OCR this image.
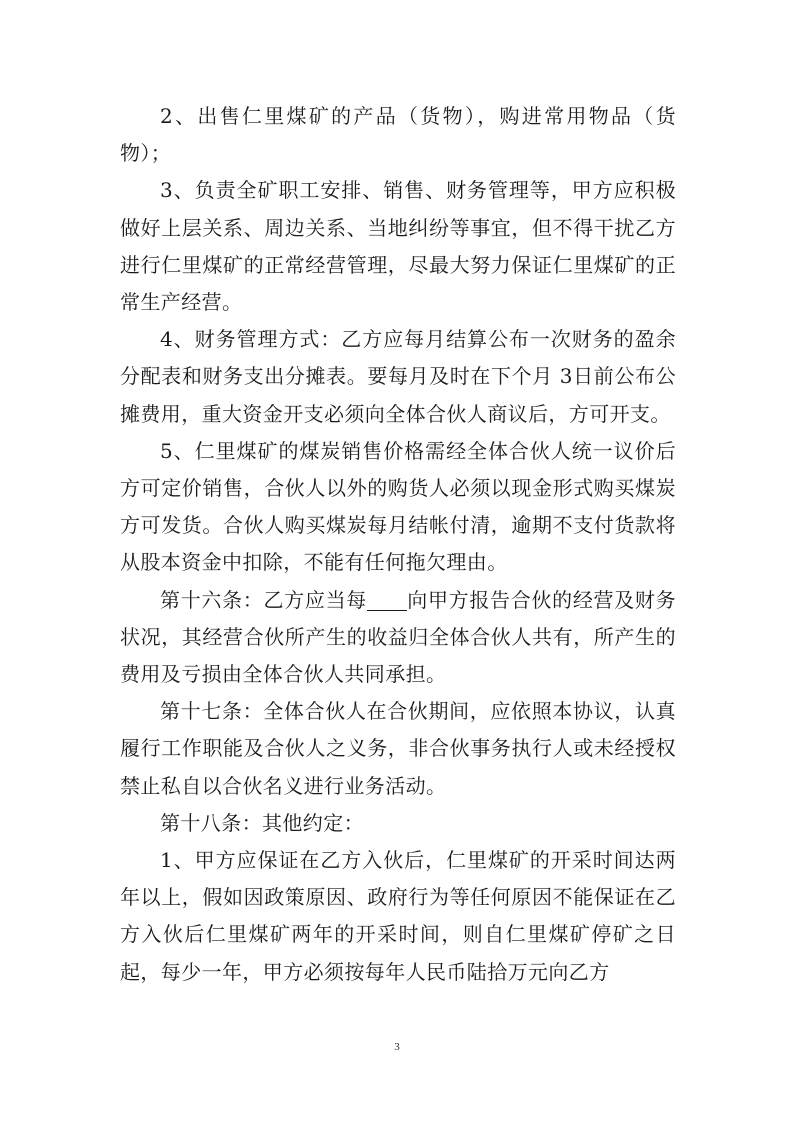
2、出售仁里煤矿的产品（货物），购进常用物品（货物）；

3、负责全矿职工安排、销售、财务管理等，甲方应积极做好上层关系、周边关系、当地纠纷等事宜，但不得干扰乙方进行仁里煤矿的正常经营管理，尽最大努力保证仁里煤矿的正常生产经营。

4、财务管理方式：乙方应每月结算公布一次财务的盈余分配表和财务支出分摊表。要每月及时在下个月 3日前公布公摊费用，重大资金开支必须向全体合伙人商议后，方可开支。

5、仁里煤矿的煤炭销售价格需经全体合伙人统一议价后方可定价销售，合伙人以外的购货人必须以现金形式购买煤炭方可发货。合伙人购买煤炭每月结帐付清，逾期不支付货款将从股本资金中扣除，不能有任何拖欠理由。

第十六条：乙方应当每 向甲方报告合伙的经营及财务状况，其经营合伙所产生的收益归全体合伙人共有，所产生的费用及亏损由全体合伙人共同承担。

第十七条：全体合伙人在合伙期间，应依照本协议，认真履行工作职能及合伙人之义务，非合伙事务执行人或未经授权禁止私自以合伙名义进行业务活动。

第十八条：其他约定：

1、甲方应保证在乙方入伙后，仁里煤矿的开采时间达两年以上，假如因政策原因、政府行为等任何原因不能保证在乙方入伙后仁里煤矿两年的开采时间，则自仁里煤矿停矿之日起，每少一年，甲方必须按每年人民币陆拾万元向乙方

3
